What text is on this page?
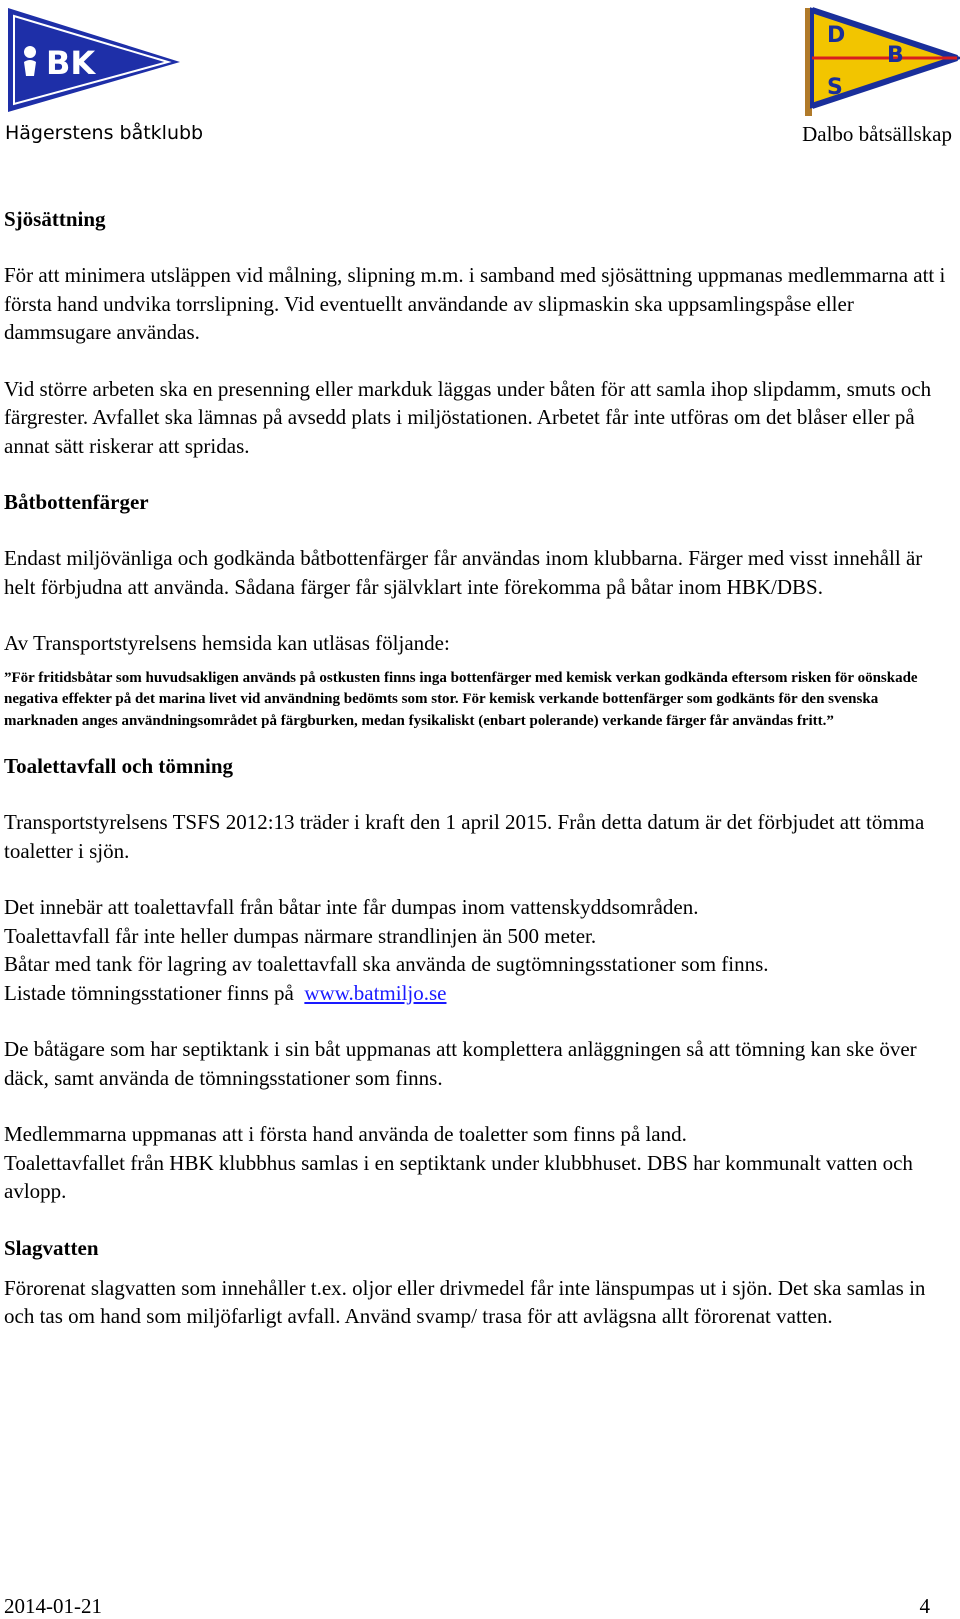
BK
D
B
S
Hägerstens båtklubb	Dalbo båtsällskap
Sjösättning

För att minimera utsläppen vid målning, slipning m.m. i samband med sjösättning uppmanas medlemmarna att i första hand undvika torrslipning. Vid eventuellt användande av slipmaskin ska uppsamlingspåse eller dammsugare användas.

Vid större arbeten ska en presenning eller markduk läggas under båten för att samla ihop slipdamm, smuts och färgrester. Avfallet ska lämnas på avsedd plats i miljöstationen. Arbetet får inte utföras om det blåser eller på annat sätt riskerar att spridas.

Båtbottenfärger

Endast miljövänliga och godkända båtbottenfärger får användas inom klubbarna. Färger med visst innehåll är helt förbjudna att använda. Sådana färger får självklart inte förekomma på båtar inom HBK/DBS.

Av Transportstyrelsens hemsida kan utläsas följande:

”För fritidsbåtar som huvudsakligen används på ostkusten finns inga bottenfärger med kemisk verkan godkända eftersom risken för oönskade negativa effekter på det marina livet vid användning bedömts som stor. För kemisk verkande bottenfärger som godkänts för den svenska marknaden anges användningsområdet på färgburken, medan fysikaliskt (enbart polerande) verkande färger får användas fritt.”

Toalettavfall och tömning

Transportstyrelsens TSFS 2012:13 träder i kraft den 1 april 2015. Från detta datum är det förbjudet att tömma toaletter i sjön.

Det innebär att toalettavfall från båtar inte får dumpas inom vattenskyddsområden.

Toalettavfall får inte heller dumpas närmare strandlinjen än 500 meter.

Båtar med tank för lagring av toalettavfall ska använda de sugtömningsstationer som finns.

Listade tömningsstationer finns på www.batmiljo.se

De båtägare som har septiktank i sin båt uppmanas att komplettera anläggningen så att tömning kan ske över däck, samt använda de tömningsstationer som finns.

Medlemmarna uppmanas att i första hand använda de toaletter som finns på land.

Toalettavfallet från HBK klubbhus samlas i en septiktank under klubbhuset. DBS har kommunalt vatten och avlopp.

Slagvatten

Förorenat slagvatten som innehåller t.ex. oljor eller drivmedel får inte länspumpas ut i sjön. Det ska samlas in och tas om hand som miljöfarligt avfall. Använd svamp/ trasa för att avlägsna allt förorenat vatten.

2014-01-21	4
